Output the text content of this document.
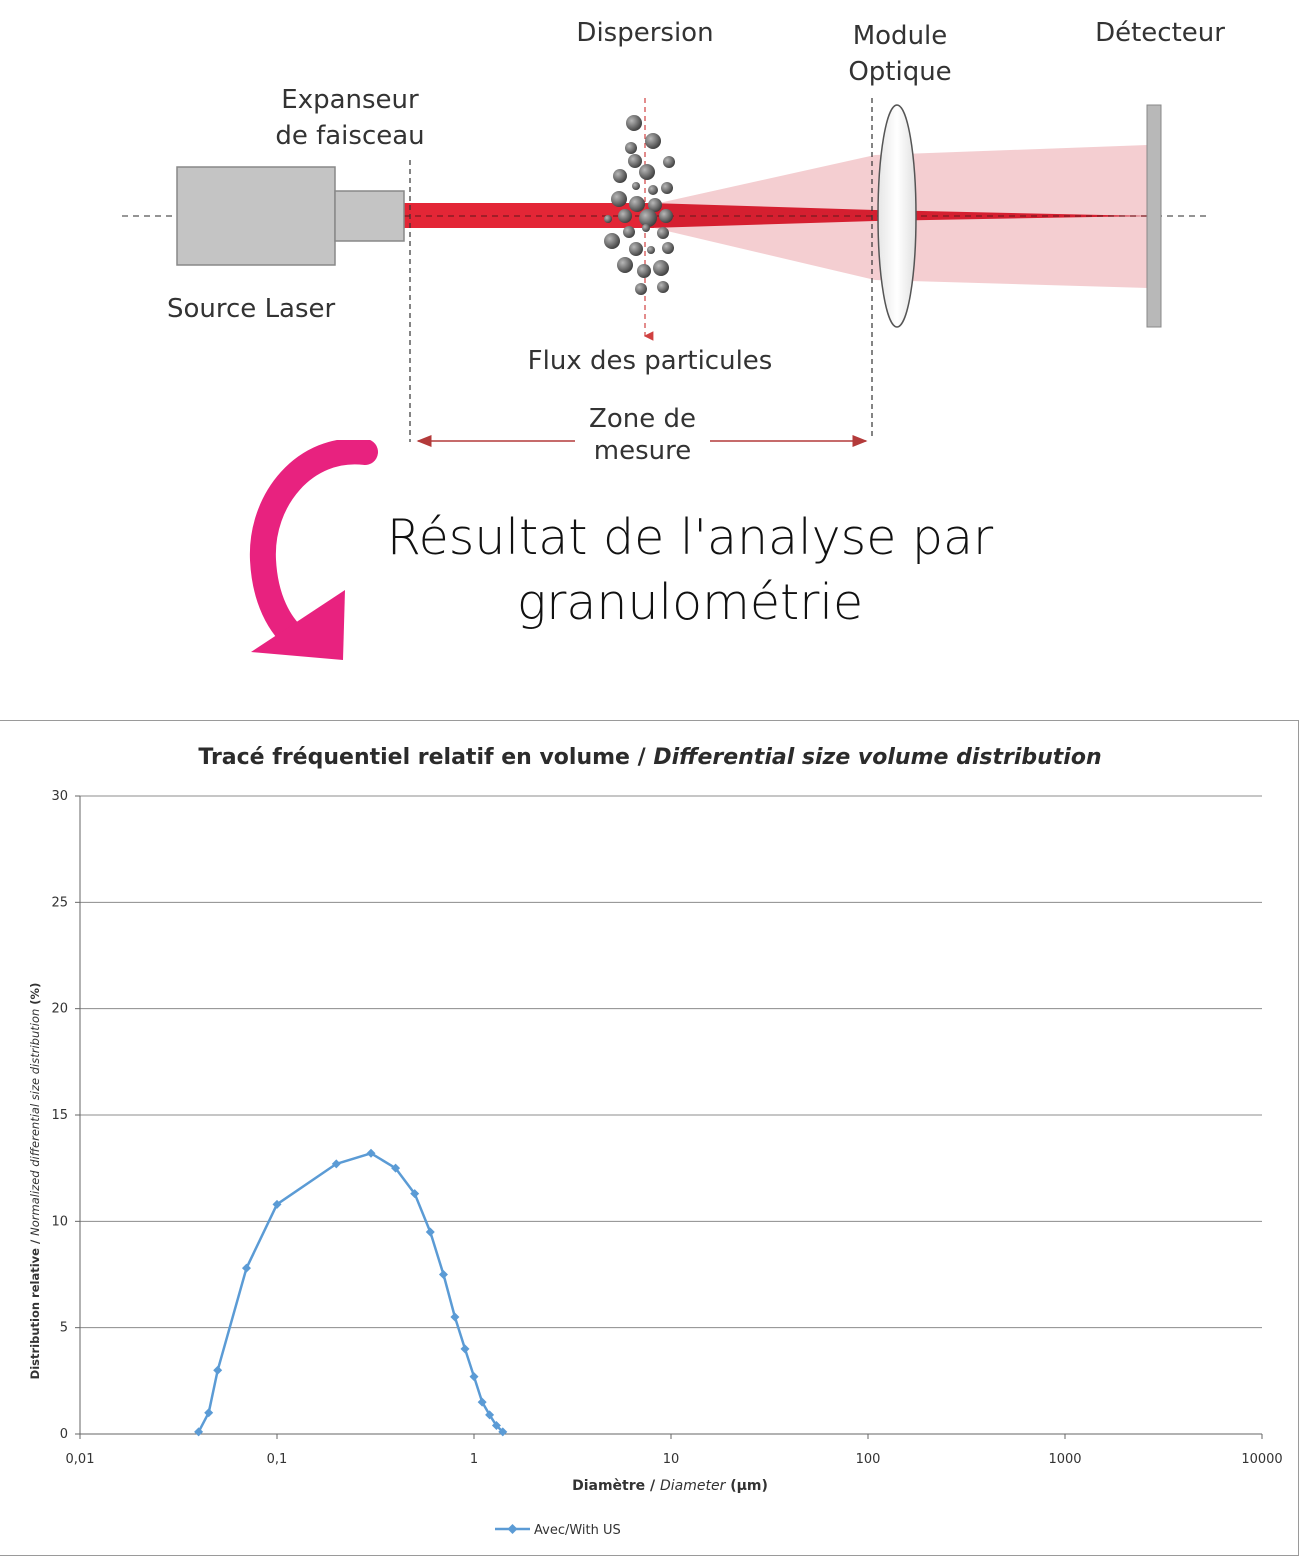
Dispersion	Module
Optique
Détecteur
Expanseur
de faisceau
Source Laser
Flux des particules
Zone de
mesure
Résultat de l'analyse par
granulométrie
Tracé fréquentiel relatif en volume / Differential size volume distribution
0
5
10
15
20
25
30
0,01	0,1	1	10	100	1000	10000
Diamètre / Diameter (µm)
Distribution relative / Normalized differential size distribution (%)
Avec/With US
